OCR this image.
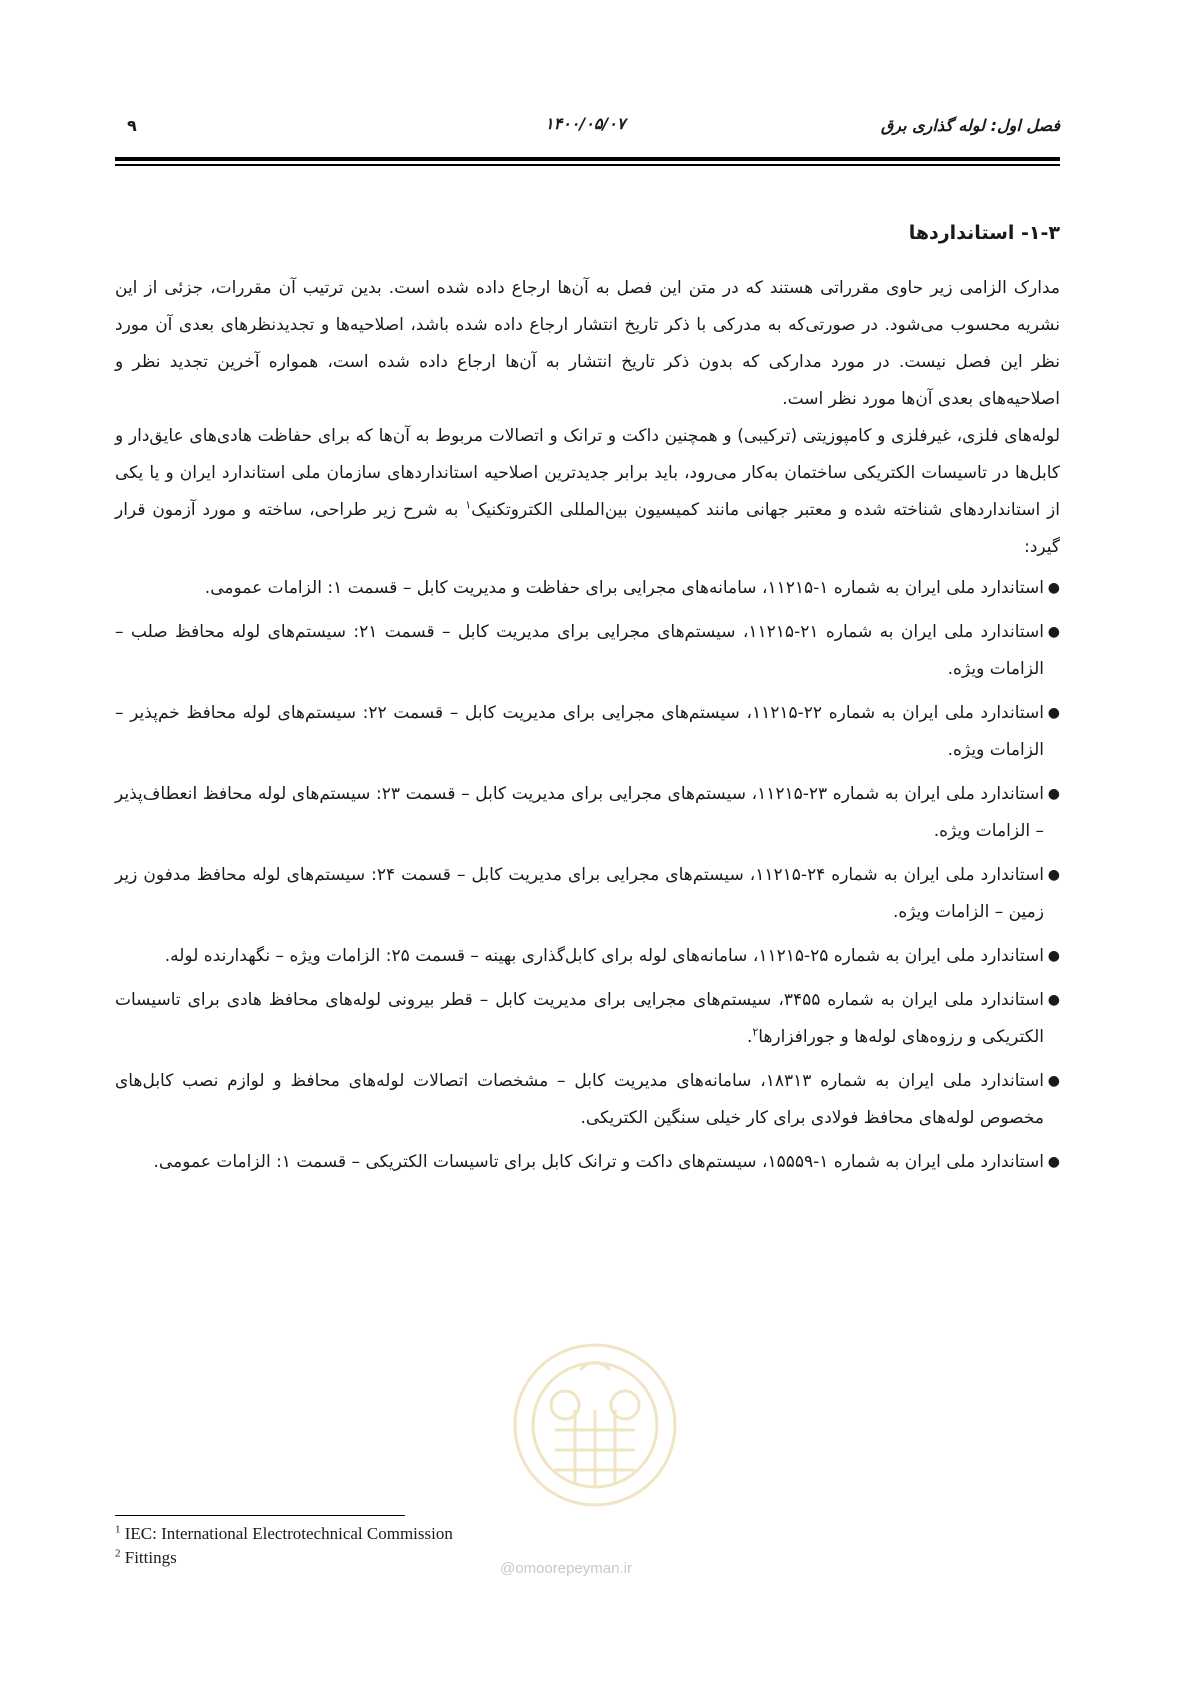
فصل اول: لوله گذاری برق
۱۴۰۰/۰۵/۰۷
۹
۱-۳- استانداردها

مدارک الزامی زیر حاوی مقرراتی هستند که در متن این فصل به آن‌ها ارجاع داده شده است. بدین ترتیب آن مقررات، جزئی از این نشریه محسوب می‌شود. در صورتی‌که به مدرکی با ذکر تاریخ انتشار ارجاع داده شده باشد، اصلاحیه‌ها و تجدیدنظرهای بعدی آن مورد نظر این فصل نیست. در مورد مدارکی که بدون ذکر تاریخ انتشار به آن‌ها ارجاع داده شده است، همواره آخرین تجدید نظر و اصلاحیه‌های بعدی آن‌ها مورد نظر است.

لوله‌های فلزی، غیرفلزی و کامپوزیتی (ترکیبی) و همچنین داکت و ترانک و اتصالات مربوط به آن‌ها که برای حفاظت هادی‌های عایق‌دار و کابل‌ها در تاسیسات الکتریکی ساختمان به‌کار می‌رود، باید برابر جدیدترین اصلاحیه استانداردهای سازمان ملی استاندارد ایران و یا یکی از استانداردهای شناخته شده و معتبر جهانی مانند کمیسیون بین‌المللی الکتروتکنیک$^۱$ به شرح زیر طراحی، ساخته و مورد آزمون قرار گیرد:

●
استاندارد ملی ایران به شماره ۱-۱۱۲۱۵، سامانه‌های مجرایی برای حفاظت و مدیریت کابل – قسمت ۱: الزامات عمومی.
●
استاندارد ملی ایران به شماره ۲۱-۱۱۲۱۵، سیستم‌های مجرایی برای مدیریت کابل – قسمت ۲۱: سیستم‌های لوله محافظ صلب – الزامات ویژه.
●
استاندارد ملی ایران به شماره ۲۲-۱۱۲۱۵، سیستم‌های مجرایی برای مدیریت کابل – قسمت ۲۲: سیستم‌های لوله محافظ خم‌پذیر – الزامات ویژه.
●
استاندارد ملی ایران به شماره ۲۳-۱۱۲۱۵، سیستم‌های مجرایی برای مدیریت کابل – قسمت ۲۳: سیستم‌های لوله محافظ انعطاف‌پذیر – الزامات ویژه.
●
استاندارد ملی ایران به شماره ۲۴-۱۱۲۱۵، سیستم‌های مجرایی برای مدیریت کابل – قسمت ۲۴: سیستم‌های لوله محافظ مدفون زیر زمین – الزامات ویژه.
●
استاندارد ملی ایران به شماره ۲۵-۱۱۲۱۵، سامانه‌های لوله برای کابل‌گذاری بهینه – قسمت ۲۵: الزامات ویژه – نگهدارنده لوله.
●
استاندارد ملی ایران به شماره ۳۴۵۵، سیستم‌های مجرایی برای مدیریت کابل – قطر بیرونی لوله‌های محافظ هادی برای تاسیسات الکتریکی و رزوه‌های لوله‌ها و جورافزارها$^۲$.
●
استاندارد ملی ایران به شماره ۱۸۳۱۳، سامانه‌های مدیریت کابل – مشخصات اتصالات لوله‌های محافظ و لوازم نصب کابل‌های مخصوص لوله‌های محافظ فولادی برای کار خیلی سنگین الکتریکی.
●
استاندارد ملی ایران به شماره ۱-۱۵۵۵۹، سیستم‌های داکت و ترانک کابل برای تاسیسات الکتریکی – قسمت ۱: الزامات عمومی.
@omoorepeyman.ir
$^1$ IEC: International Electrotechnical Commission
$^2$ Fittings
